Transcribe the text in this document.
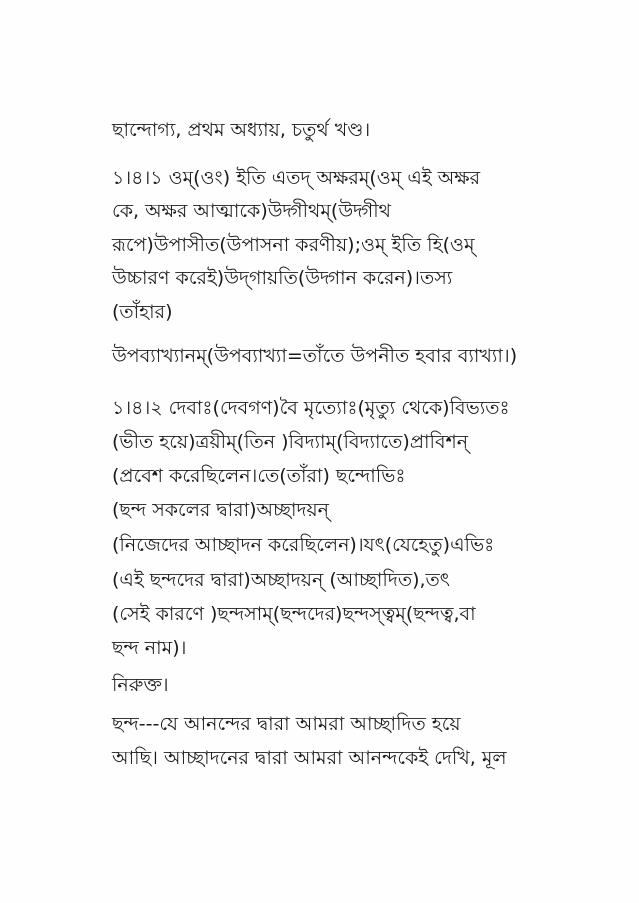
ছান্দোগ্য, প্রথম অধ্যায়, চতুর্থ খণ্ড।
১।৪।১ ওম্‌(ওং) ইতি এতদ্‌ অক্ষরম্‌(ওম্‌ এই অক্ষর
কে, অক্ষর আত্মাকে)উদ্গীথম্‌(উদ্গীথ
রূপে)উপাসীত(উপাসনা করণীয়);ওম্‌ ইতি হি(ওম্‌
উচ্চারণ করেই)উদ্‌গায়তি(উদ্গান করেন)।তস্য
(তাঁহার)
উপব্যাখ্যানম্‌(উপব্যাখ্যা=তাঁতে উপনীত হবার ব্যাখ্যা।)
১।৪।২ দেবাঃ(দেবগণ)বৈ মৃত্যোঃ(মৃত্যু থেকে)বিভ্যতঃ
(ভীত হয়ে)ত্রয়ীম্‌(তিন )বিদ্যাম্‌(বিদ্যাতে)প্রাবিশন্‌
(প্রবেশ করেছিলেন।তে(তাঁরা) ছন্দোভিঃ
(ছন্দ সকলের দ্বারা)অচ্ছাদয়ন্‌
(নিজেদের আচ্ছাদন করেছিলেন)।যৎ(যেহেতু)এভিঃ
(এই ছন্দদের দ্বারা)অচ্ছাদয়ন্‌ (আচ্ছাদিত),তৎ
(সেই কারণে )ছন্দসাম্‌(ছন্দদের)ছন্দস্ত্বম্‌(ছন্দত্ব,বা
ছন্দ নাম)।
নিরুক্ত।
ছন্দ---যে আনন্দের দ্বারা আমরা আচ্ছাদিত হয়ে
আছি। আচ্ছাদনের দ্বারা আমরা আনন্দকেই দেখি, মূল
